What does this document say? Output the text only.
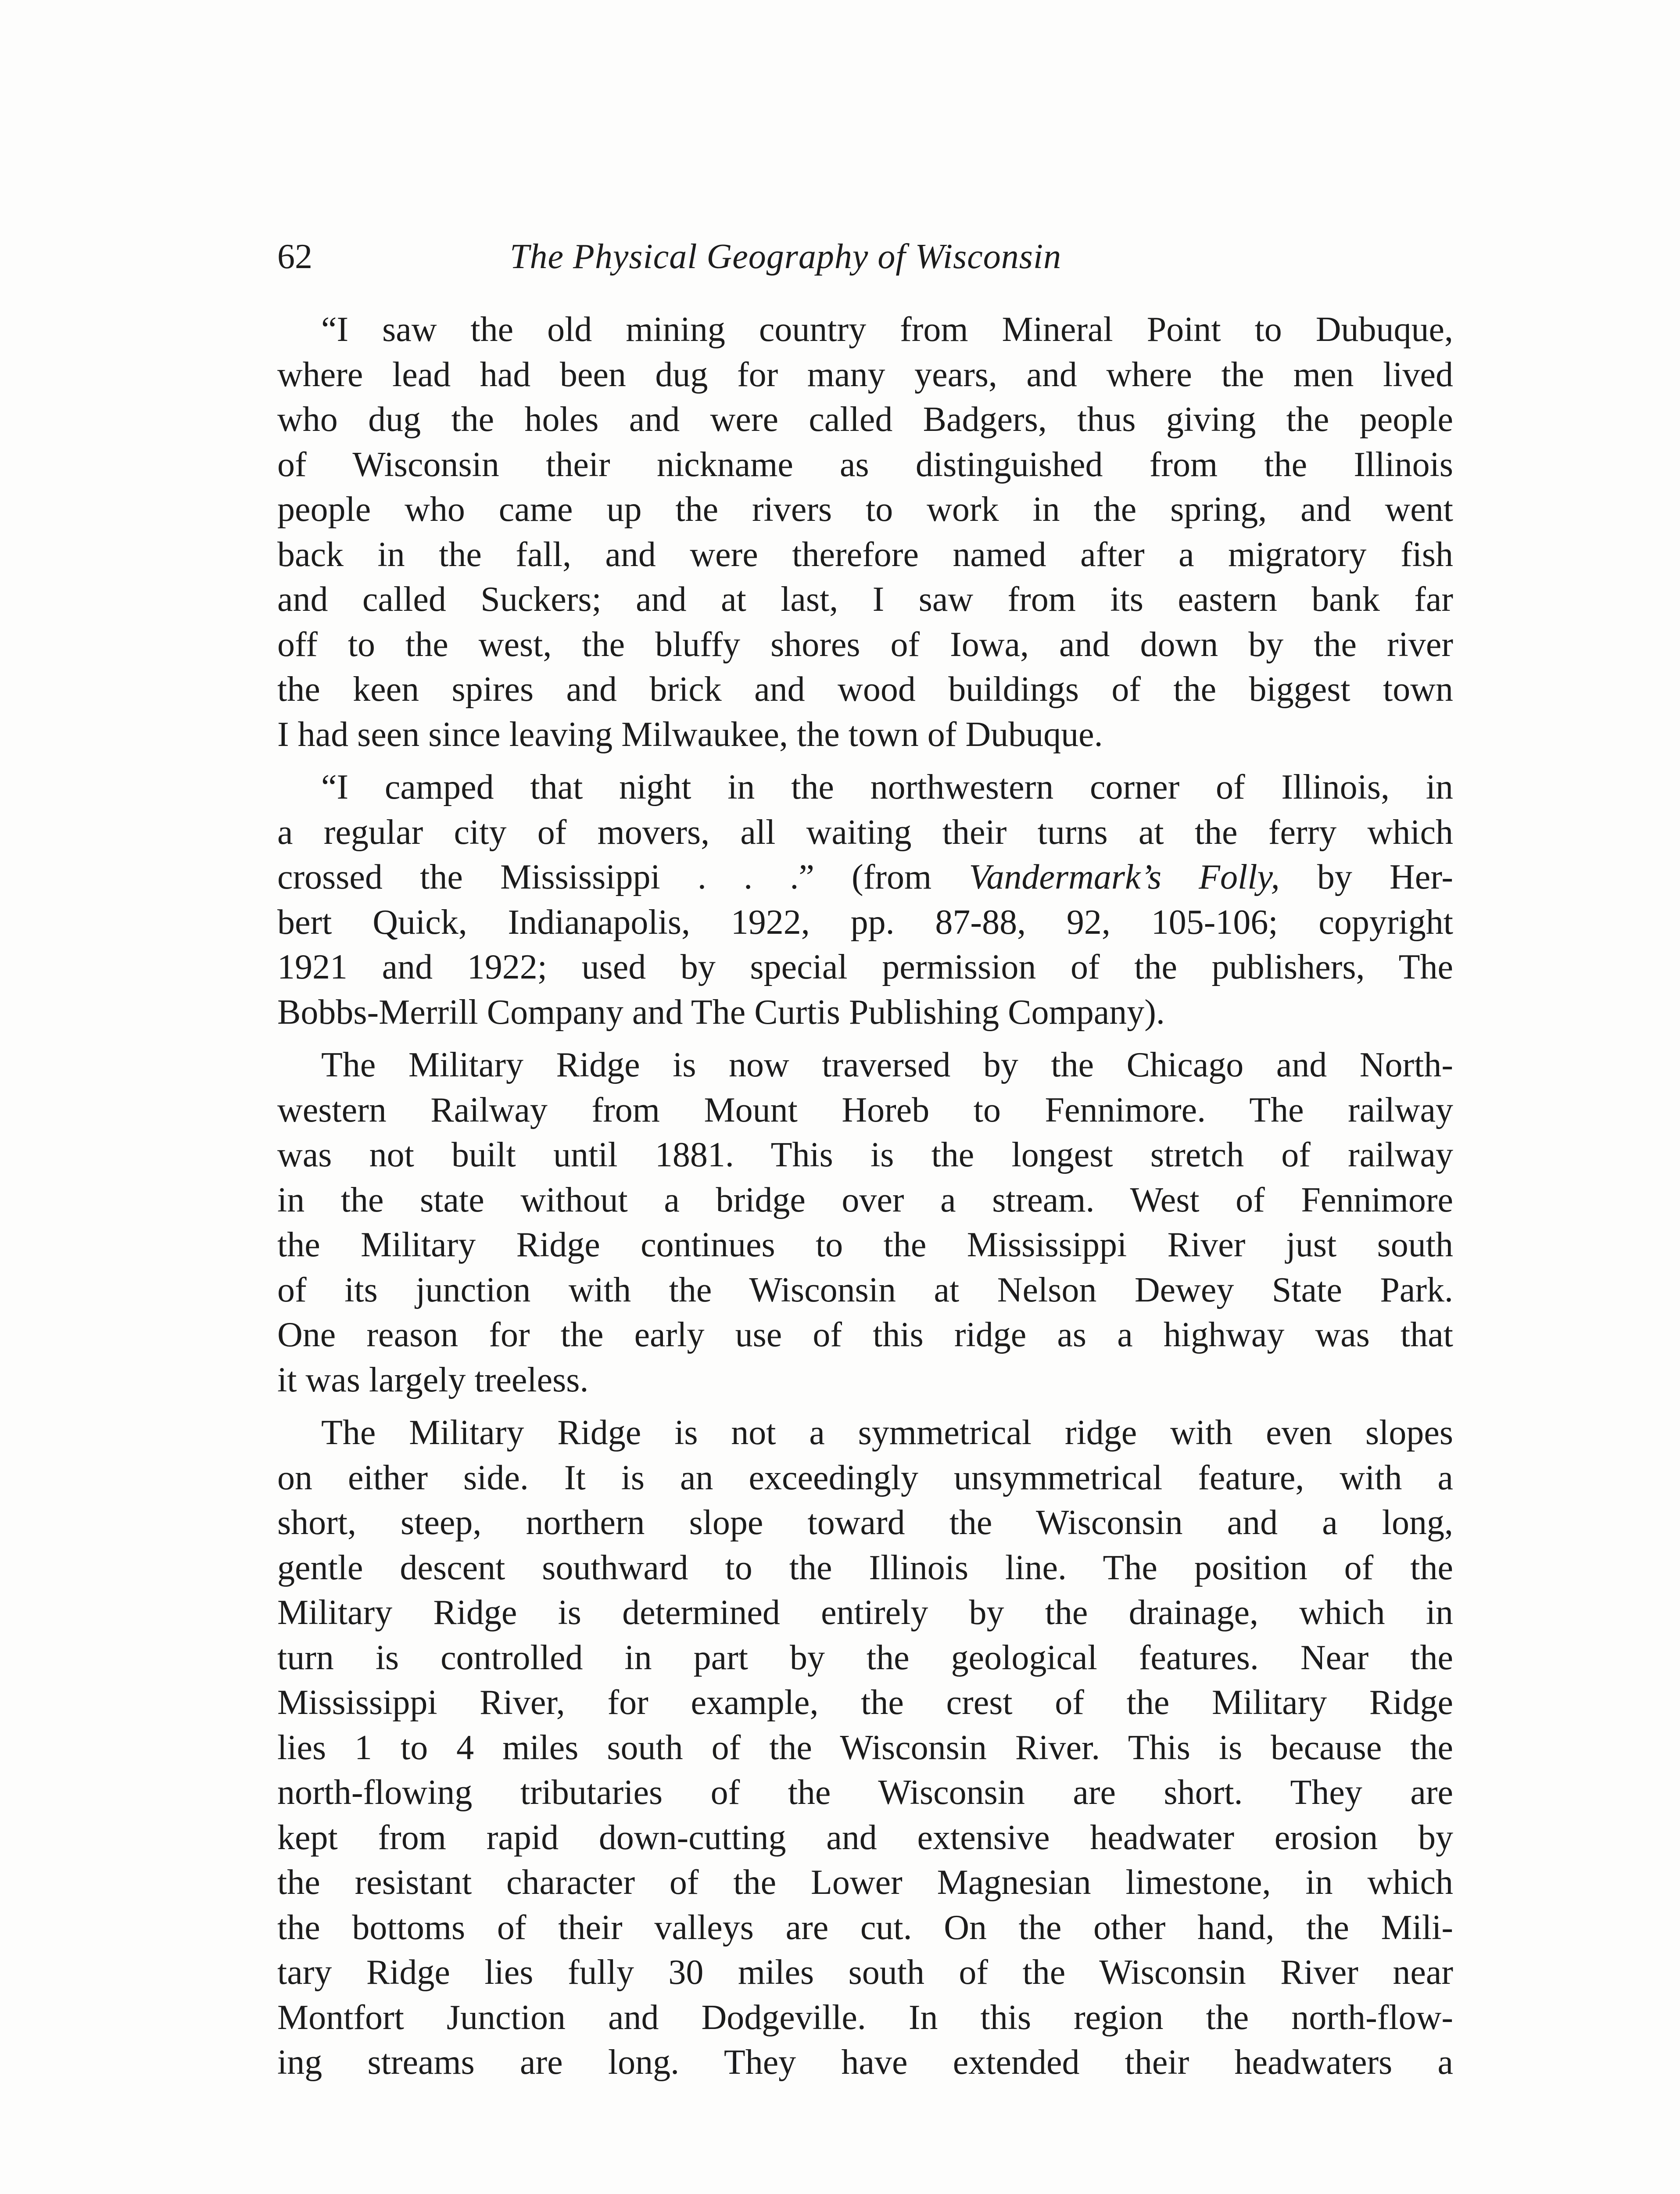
62	The Physical Geography of Wisconsin
“I saw the old mining country from Mineral Point to Dubuque,
where lead had been dug for many years, and where the men lived
who dug the holes and were called Badgers, thus giving the people
of Wisconsin their nickname as distinguished from the Illinois
people who came up the rivers to work in the spring, and went
back in the fall, and were therefore named after a migratory fish
and called Suckers; and at last, I saw from its eastern bank far
off to the west, the bluffy shores of Iowa, and down by the river
the keen spires and brick and wood buildings of the biggest town
I had seen since leaving Milwaukee, the town of Dubuque.
“I camped that night in the northwestern corner of Illinois, in
a regular city of movers, all waiting their turns at the ferry which
crossed the Mississippi . . .” (from Vandermark’s Folly, by Her-
bert Quick, Indianapolis, 1922, pp. 87-88, 92, 105-106; copyright
1921 and 1922; used by special permission of the publishers, The
Bobbs-Merrill Company and The Curtis Publishing Company).
The Military Ridge is now traversed by the Chicago and North-
western Railway from Mount Horeb to Fennimore. The railway
was not built until 1881. This is the longest stretch of railway
in the state without a bridge over a stream. West of Fennimore
the Military Ridge continues to the Mississippi River just south
of its junction with the Wisconsin at Nelson Dewey State Park.
One reason for the early use of this ridge as a highway was that
it was largely treeless.
The Military Ridge is not a symmetrical ridge with even slopes
on either side. It is an exceedingly unsymmetrical feature, with a
short, steep, northern slope toward the Wisconsin and a long,
gentle descent southward to the Illinois line. The position of the
Military Ridge is determined entirely by the drainage, which in
turn is controlled in part by the geological features. Near the
Mississippi River, for example, the crest of the Military Ridge
lies 1 to 4 miles south of the Wisconsin River. This is because the
north-flowing tributaries of the Wisconsin are short. They are
kept from rapid down-cutting and extensive headwater erosion by
the resistant character of the Lower Magnesian limestone, in which
the bottoms of their valleys are cut. On the other hand, the Mili-
tary Ridge lies fully 30 miles south of the Wisconsin River near
Montfort Junction and Dodgeville. In this region the north-flow-
ing streams are long. They have extended their headwaters a
